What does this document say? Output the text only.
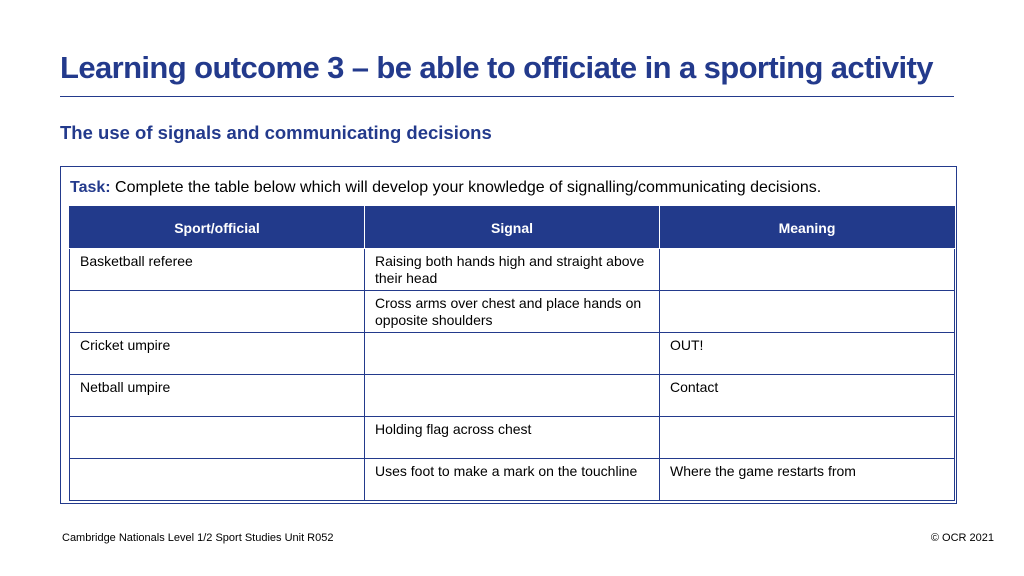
Learning outcome 3 – be able to officiate in a sporting activity
The use of signals and communicating decisions
Task: Complete the table below which will develop your knowledge of signalling/communicating decisions.
Sport/official	Signal	Meaning
Basketball referee	Raising both hands high and straight above their head	
	Cross arms over chest and place hands on opposite shoulders	
Cricket umpire		OUT!
Netball umpire		Contact
	Holding flag across chest	
	Uses foot to make a mark on the touchline	Where the game restarts from
Cambridge Nationals Level 1/2 Sport Studies Unit R052	© OCR 2021
